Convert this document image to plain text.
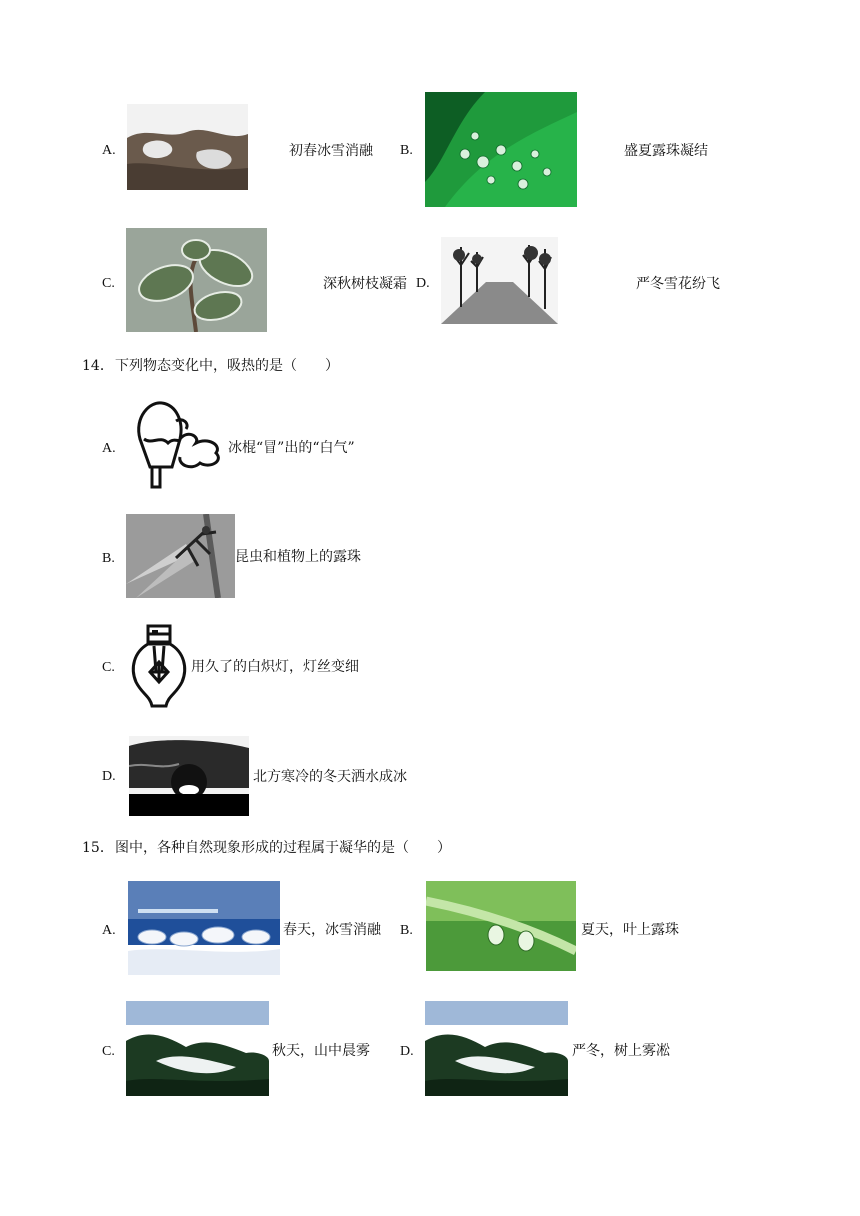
A.	初春冰雪消融 B.	盛夏露珠凝结
C.	深秋树枝凝霜 D.	严冬雪花纷飞
14． 下列物态变化中，吸热的是（　　）
A.	冰棍“冒”出的“白气”
B.	昆虫和植物上的露珠
C.	用久了的白炽灯，灯丝变细
D.	北方寒冷的冬天洒水成冰
15． 图中，各种自然现象形成的过程属于凝华的是（　　）
A.	春天，冰雪消融 B.	夏天，叶上露珠
C.	秋天，山中晨雾 D.	严冬，树上雾凇
